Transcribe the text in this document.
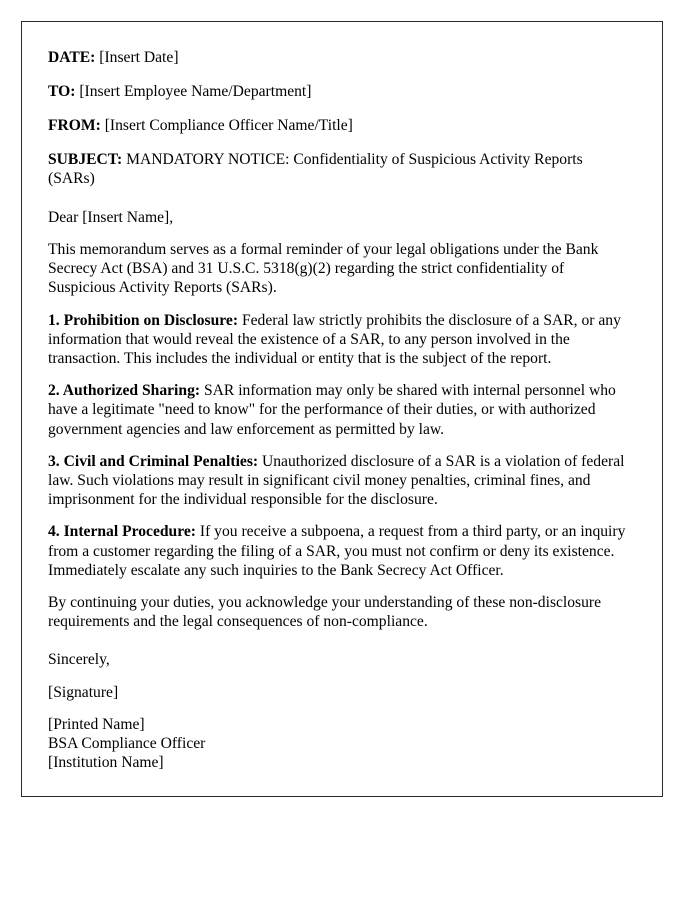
DATE: [Insert Date]

TO: [Insert Employee Name/Department]

FROM: [Insert Compliance Officer Name/Title]

SUBJECT: MANDATORY NOTICE: Confidentiality of Suspicious Activity Reports (SARs)

Dear [Insert Name],

This memorandum serves as a formal reminder of your legal obligations under the Bank Secrecy Act (BSA) and 31 U.S.C. 5318(g)(2) regarding the strict confidentiality of Suspicious Activity Reports (SARs).

1. Prohibition on Disclosure: Federal law strictly prohibits the disclosure of a SAR, or any information that would reveal the existence of a SAR, to any person involved in the transaction. This includes the individual or entity that is the subject of the report.

2. Authorized Sharing: SAR information may only be shared with internal personnel who have a legitimate "need to know" for the performance of their duties, or with authorized government agencies and law enforcement as permitted by law.

3. Civil and Criminal Penalties: Unauthorized disclosure of a SAR is a violation of federal law. Such violations may result in significant civil money penalties, criminal fines, and imprisonment for the individual responsible for the disclosure.

4. Internal Procedure: If you receive a subpoena, a request from a third party, or an inquiry from a customer regarding the filing of a SAR, you must not confirm or deny its existence. Immediately escalate any such inquiries to the Bank Secrecy Act Officer.

By continuing your duties, you acknowledge your understanding of these non-disclosure requirements and the legal consequences of non-compliance.

Sincerely,

[Signature]

[Printed Name]

BSA Compliance Officer

[Institution Name]
